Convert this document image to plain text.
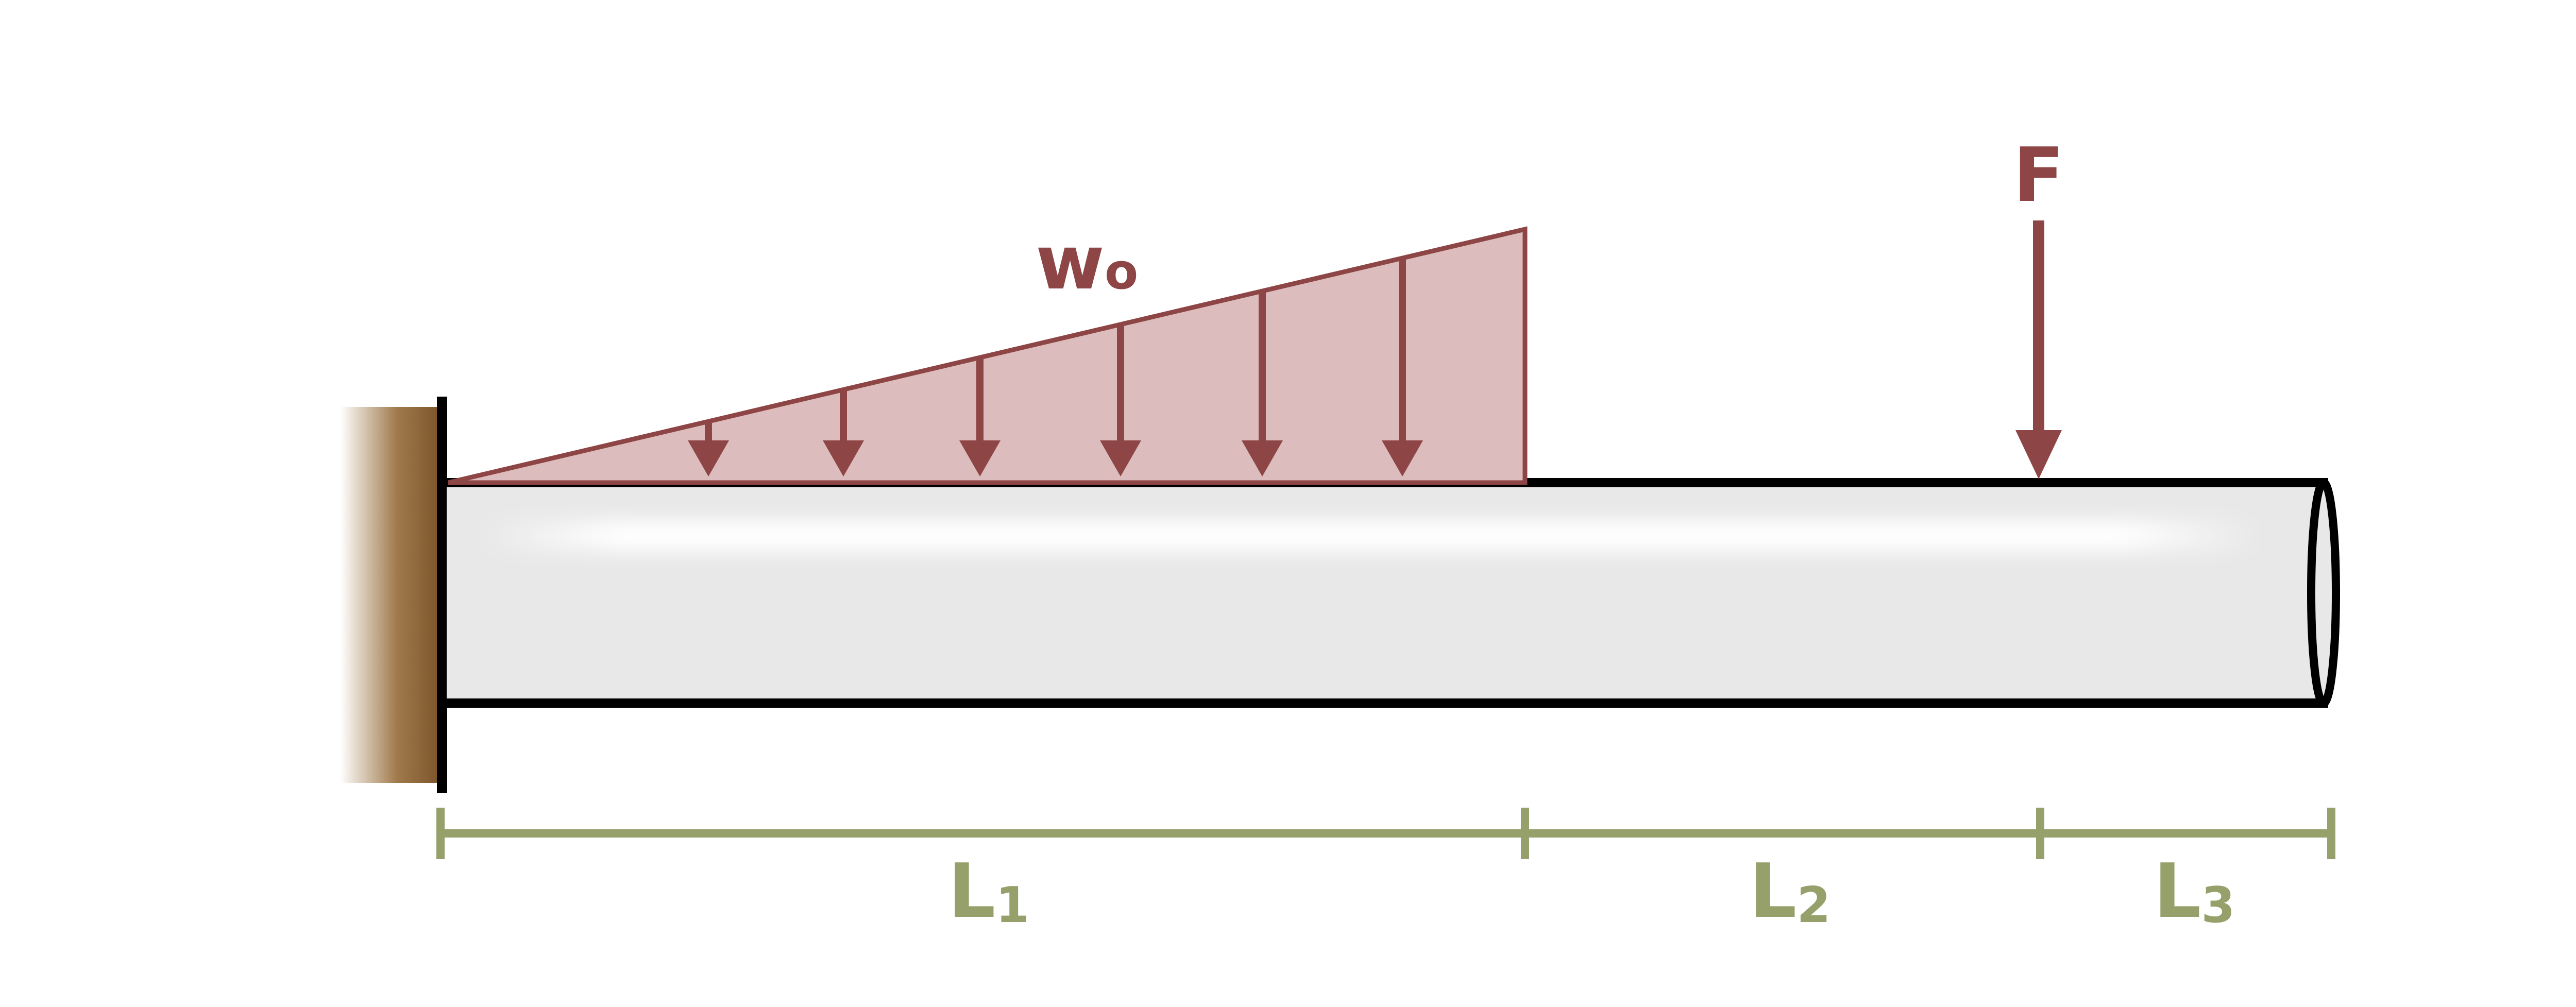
wo
F
L1	L2	L3
